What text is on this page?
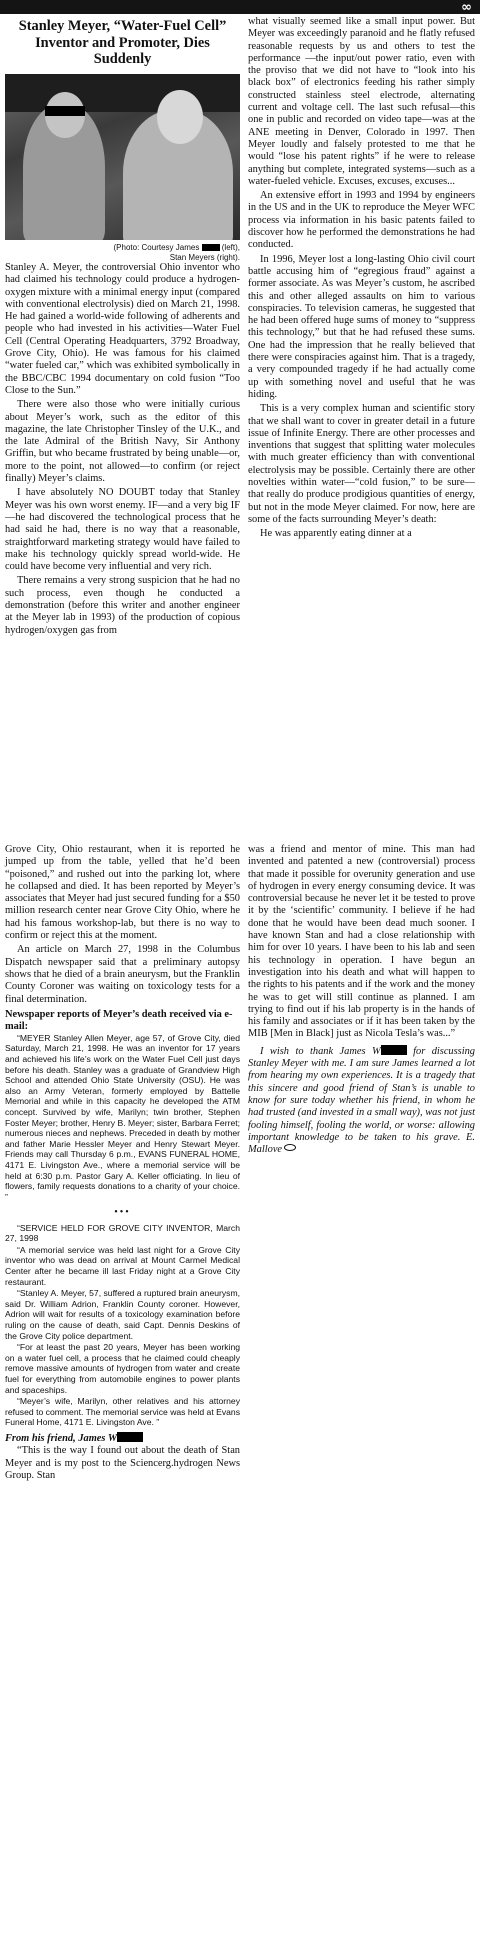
∞
Stanley Meyer, “Water-Fuel Cell” Inventor and Promoter, Dies Suddenly
(Photo: Courtesy James	(left),
Stan Meyers (right).

Stanley A. Meyer, the controversial Ohio inventor who had claimed his technology could produce a hydrogen-oxygen mixture with a minimal energy input (compared with conventional electrolysis) died on March 21, 1998. He had gained a world-wide following of adherents and people who had invested in his activities—Water Fuel Cell (Central Operating Headquarters, 3792 Broadway, Grove City, Ohio). He was famous for his claimed “water fueled car,” which was exhibited symbolically in the BBC/CBC 1994 documentary on cold fusion “Too Close to the Sun.”

There were also those who were initially curious about Meyer’s work, such as the editor of this magazine, the late Christopher Tinsley of the U.K., and the late Admiral of the British Navy, Sir Anthony Griffin, but who became frustrated by being unable—or, more to the point, not allowed—to confirm (or reject finally) Meyer’s claims.

I have absolutely NO DOUBT today that Stanley Meyer was his own worst enemy. IF—and a very big IF—he had discovered the technological process that he had said he had, there is no way that a reasonable, straightforward marketing strategy would have failed to make his technology quickly spread world-wide. He could have become very influential and very rich.

There remains a very strong suspicion that he had no such process, even though he conducted a demonstration (before this writer and another engineer at the Meyer lab in 1993) of the production of copious hydrogen/oxygen gas from

what visually seemed like a small input power. But Meyer was exceedingly paranoid and he flatly refused reasonable requests by us and others to test the performance —the input/out power ratio, even with the proviso that we did not have to “look into his black box” of electronics feeding his rather simply constructed stainless steel electrode, alternating current and voltage cell. The last such refusal—this one in public and recorded on video tape—was at the ANE meeting in Denver, Colorado in 1997. Then Meyer loudly and falsely protested to me that he would “lose his patent rights” if he were to release anything but complete, integrated systems—such as a water-fueled vehicle. Excuses, excuses, excuses...

An extensive effort in 1993 and 1994 by engineers in the US and in the UK to reproduce the Meyer WFC process via information in his basic patents failed to discover how he performed the demonstrations he had conducted.

In 1996, Meyer lost a long-lasting Ohio civil court battle accusing him of “egregious fraud” against a former associate. As was Meyer’s custom, he ascribed this and other alleged assaults on him to various conspiracies. To television cameras, he suggested that he had been offered huge sums of money to “suppress this technology,” but that he had refused these sums. One had the impression that he really believed that there were conspiracies against him. That is a tragedy, a very compounded tragedy if he had actually come up with something novel and useful that he was hiding.

This is a very complex human and scientific story that we shall want to cover in greater detail in a future issue of Infinite Energy. There are other processes and inventions that suggest that splitting water molecules with much greater efficiency than with conventional electrolysis may be possible. Certainly there are other novelties within water—“cold fusion,” to be sure—that really do produce prodigious quantities of energy, but not in the mode Meyer claimed. For now, here are some of the facts surrounding Meyer’s death:

He was apparently eating dinner at a

Grove City, Ohio restaurant, when it is reported he jumped up from the table, yelled that he’d been “poisoned,” and rushed out into the parking lot, where he collapsed and died. It has been reported by Meyer’s associates that Meyer had just secured funding for a $50 million research center near Grove City Ohio, where he had his famous workshop-lab, but there is no way to confirm or reject this at the moment.

An article on March 27, 1998 in the Columbus Dispatch newspaper said that a preliminary autopsy shows that he died of a brain aneurysm, but the Franklin County Coroner was waiting on toxicology tests for a final determination.

Newspaper reports of Meyer’s death received via e-mail:

“MEYER Stanley Allen Meyer, age 57, of Grove City, died Saturday, March 21, 1998. He was an inventor for 17 years and achieved his life’s work on the Water Fuel Cell just days before his death. Stanley was a graduate of Grandview High School and attended Ohio State University (OSU). He was also an Army Veteran, formerly employed by Battelle Memorial and while in this capacity he developed the ATM concept. Survived by wife, Marilyn; twin brother, Stephen Foster Meyer; brother, Henry B. Meyer; sister, Barbara Ferret; numerous nieces and nephews. Preceded in death by mother and father Marie Hessler Meyer and Henry Stewart Meyer. Friends may call Thursday 6 p.m., EVANS FUNERAL HOME, 4171 E. Livingston Ave., where a memorial service will be held at 6:30 p.m. Pastor Gary A. Keller officiating. In lieu of flowers, family requests donations to a charity of your choice. ”

•••

“SERVICE HELD FOR GROVE CITY INVENTOR, March 27, 1998

“A memorial service was held last night for a Grove City inventor who was dead on arrival at Mount Carmel Medical Center after he became ill last Friday night at a Grove City restaurant.

“Stanley A. Meyer, 57, suffered a ruptured brain aneurysm, said Dr. William Adrion, Franklin County coroner. However, Adrion will wait for results of a toxicology examination before ruling on the cause of death, said Capt. Dennis Deskins of the Grove City police department.

“For at least the past 20 years, Meyer has been working on a water fuel cell, a process that he claimed could cheaply remove massive amounts of hydrogen from water and create fuel for everything from automobile engines to power plants and spaceships.

“Meyer’s wife, Marilyn, other relatives and his attorney refused to comment. The memorial service was held at Evans Funeral Home, 4171 E. Livingston Ave. ”

From his friend, James W

“This is the way I found out about the death of Stan Meyer and is my post to the Sciencerg.hydrogen News Group. Stan

was a friend and mentor of mine. This man had invented and patented a new (controversial) process that made it possible for overunity generation and use of hydrogen in every energy consuming device. It was controversial because he never let it be tested to prove it by the ‘scientific’ community. I believe if he had done that he would have been dead much sooner. I have known Stan and had a close relationship with him for over 10 years. I have been to his lab and seen his technology in operation. I have begun an investigation into his death and what will happen to the rights to his patents and if the work and the money he was to get will still continue as planned. I am trying to find out if his lab property is in the hands of his family and associates or if it has been taken by the MIB [Men in Black] just as Nicola Tesla’s was...”

I wish to thank James W	for discussing Stanley Meyer with me. I am sure James learned a lot from hearing my own experiences. It is a tragedy that this sincere and good friend of Stan’s is unable to know for sure today whether his friend, in whom he had trusted (and invested in a small way), was not just fooling himself, fooling the world, or worse: allowing important knowledge to be taken to his grave. E. Mallove
